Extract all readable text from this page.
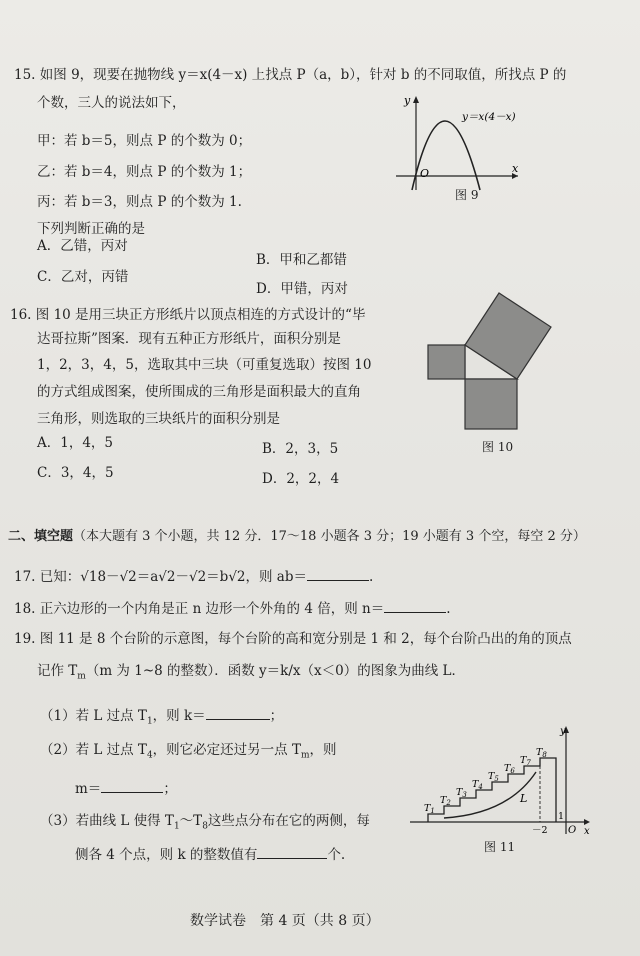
15. 如图 9，现要在抛物线 y＝x(4－x) 上找点 P（a，b），针对 b 的不同取值，所找点 P 的
个数，三人的说法如下，
甲：若 b＝5，则点 P 的个数为 0；
乙：若 b＝4，则点 P 的个数为 1；
丙：若 b＝3，则点 P 的个数为 1.
下列判断正确的是
A．乙错，丙对
B．甲和乙都错
C．乙对，丙错
D．甲错，丙对
y
x
O
y＝x(4－x)
图 9
16. 图 10 是用三块正方形纸片以顶点相连的方式设计的“毕
达哥拉斯”图案．现有五种正方形纸片，面积分别是
1，2，3，4，5，选取其中三块（可重复选取）按图 10
的方式组成图案，使所围成的三角形是面积最大的直角
三角形，则选取的三块纸片的面积分别是
A．1，4，5	B．2，3，5
C．3，4，5	D．2，2，4
图 10
二、填空题（本大题有 3 个小题，共 12 分．17～18 小题各 3 分；19 小题有 3 个空，每空 2 分）
17. 已知：√18－√2＝a√2－√2＝b√2，则 ab＝	.
18. 正六边形的一个内角是正 n 边形一个外角的 4 倍，则 n＝	.
19. 图 11 是 8 个台阶的示意图，每个台阶的高和宽分别是 1 和 2，每个台阶凸出的角的顶点
记作 $T_m(m$ 为 1~8 的整数）．函数 y＝k/x（x＜0）的图象为曲线 L．
（1）若 L 过点 $T_1$，则 k＝	；
（2）若 L 过点 $T_4$，则它必定还过另一点 $T_m$，则
m＝	；
（3）若曲线 L 使得 $T_1\sim T_8$这些点分布在它的两侧，每
侧各 4 个点，则 k 的整数值有	个.
L
y
x
O
－2
1
$T_1$
$T_2$
$T_3$
$T_4$
$T_5$
$T_6$
$T_7$
$T_8$
图 11
数学试卷　第 4 页（共 8 页）
